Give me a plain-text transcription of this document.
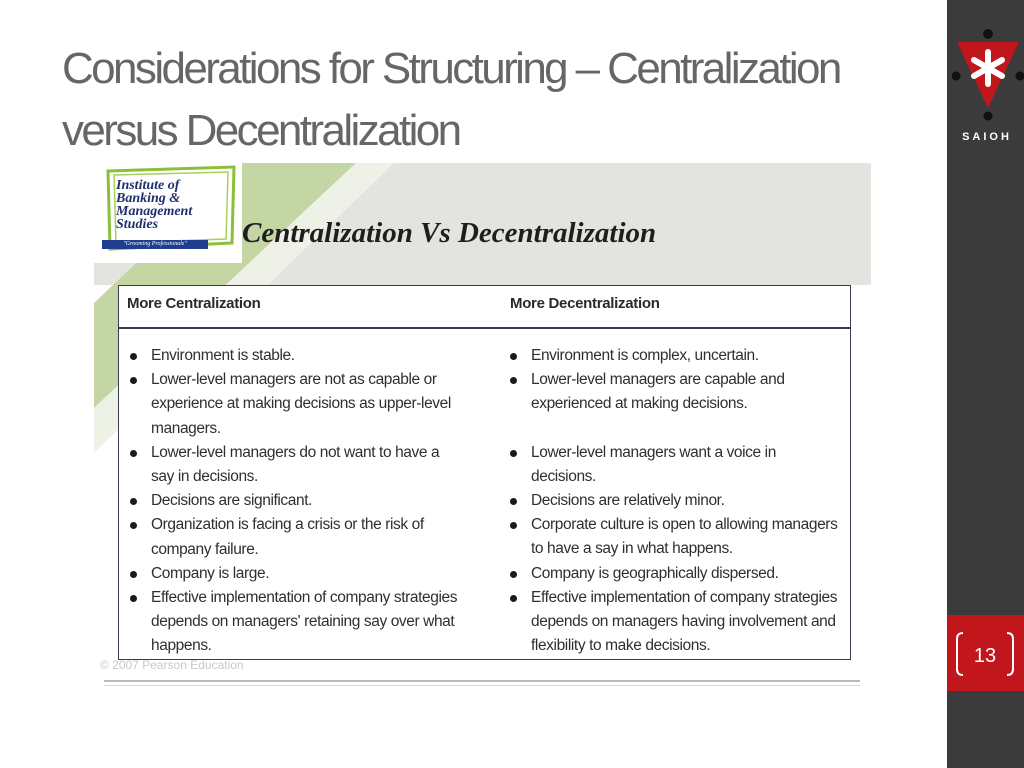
Considerations for Structuring – Centralization versus Decentralization
Institute of
Banking &
Management
Studies
"Grooming Professionals"	Centralization Vs Decentralization
More Centralization	More Decentralization
Environment is stable.
Lower-level managers are not as capable or experience at making decisions as upper-level managers.
Lower-level managers do not want to have a say in decisions.
Decisions are significant.
Organization is facing a crisis or the risk of company failure.
Company is large.
Effective implementation of company strategies depends on managers' retaining say over what happens.
Environment is complex, uncertain.
Lower-level managers are capable and experienced at making decisions.
Lower-level managers want a voice in decisions.
Decisions are relatively minor.
Corporate culture is open to allowing managers to have a say in what happens.
Company is geographically dispersed.
Effective implementation of company strategies depends on managers having involvement and flexibility to make decisions.
© 2007 Pearson Education
SAIOH
13
